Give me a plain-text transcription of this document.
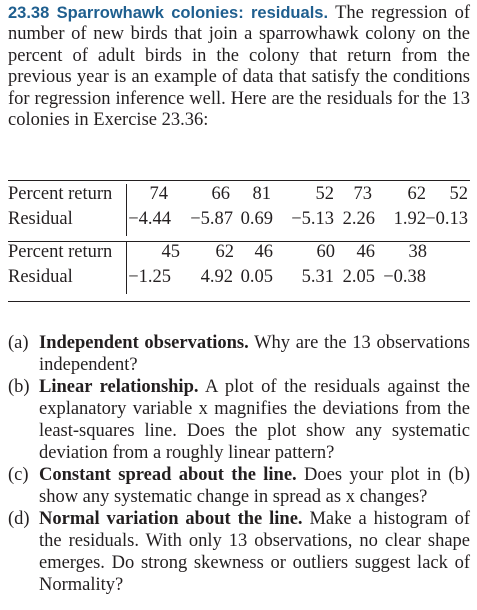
23.38 Sparrowhawk colonies: residuals. The regression of number of new birds that join a sparrowhawk colony on the percent of adult birds in the colony that return from the previous year is an example of data that satisfy the conditions for regression inference well. Here are the residuals for the 13 colonies in Exercise 23.36:
Percent return
Residual
74 66 81 52 73 62 52
−4.44 −5.87 0.69 −5.13 2.26 1.92 −0.13
Percent return
Residual
45 62 46 60 46 38
−1.25 4.92 0.05 5.31 2.05 −0.38
(a) Independent observations. Why are the 13 observations independent?
(b) Linear relationship. A plot of the residuals against the explanatory variable x magnifies the deviations from the least-squares line. Does the plot show any systematic deviation from a roughly linear pattern?
(c) Constant spread about the line. Does your plot in (b) show any systematic change in spread as x changes?
(d) Normal variation about the line. Make a histogram of the residuals. With only 13 observations, no clear shape emerges. Do strong skewness or outliers suggest lack of Normality?
